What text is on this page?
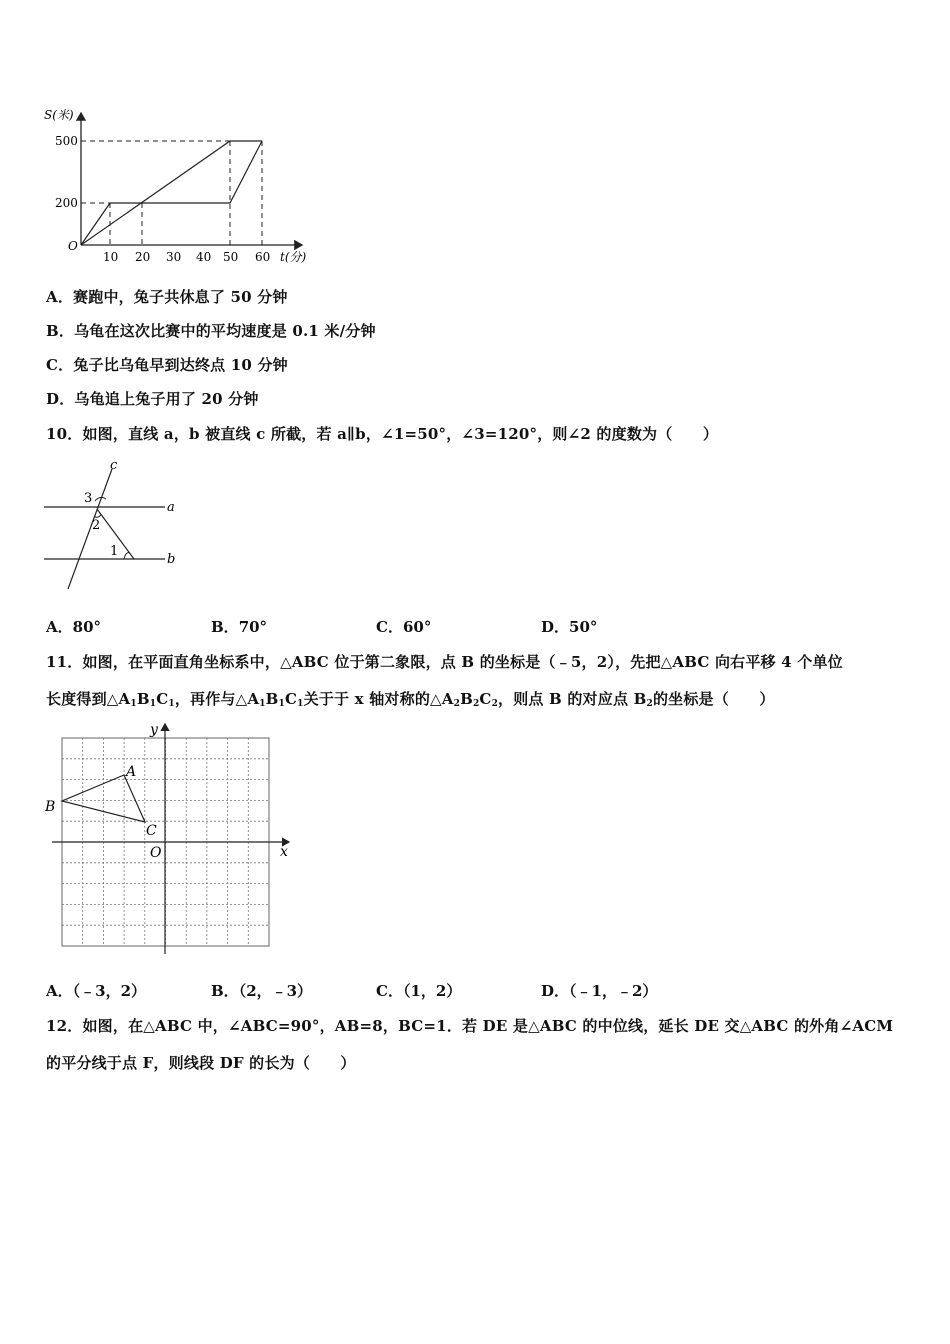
S(米)
500
200
O
10 20 30 40 50 60 t(分)
A．赛跑中，兔子共休息了 50 分钟
B．乌龟在这次比赛中的平均速度是 0.1 米/分钟
C．兔子比乌龟早到达终点 10 分钟
D．乌龟追上兔子用了 20 分钟
10．如图，直线 a，b 被直线 c 所截，若 a∥b，∠1=50°，∠3=120°，则∠2 的度数为（　　）
c
3
a
2
1
b
A．80°	B．70°	C．60°	D．50°
11．如图，在平面直角坐标系中，△ABC 位于第二象限，点 B 的坐标是（﹣5，2），先把△ABC 向右平移 4 个单位
长度得到$\triangle A_1B_1C_1$，再作与$\triangle A_1B_1C_1$关于于 x 轴对称的$\triangle A_2B_2C_2$，则点 B 的对应点 $B_2$的坐标是（　　）
y
x
O
A
B
C
A．（﹣3，2）	B．（2，﹣3）	C．（1，2）	D．（﹣1，﹣2）
12．如图，在△ABC 中，∠ABC=90°，AB=8，BC=1．若 DE 是△ABC 的中位线，延长 DE 交△ABC 的外角∠ACM
的平分线于点 F，则线段 DF 的长为（　　）
